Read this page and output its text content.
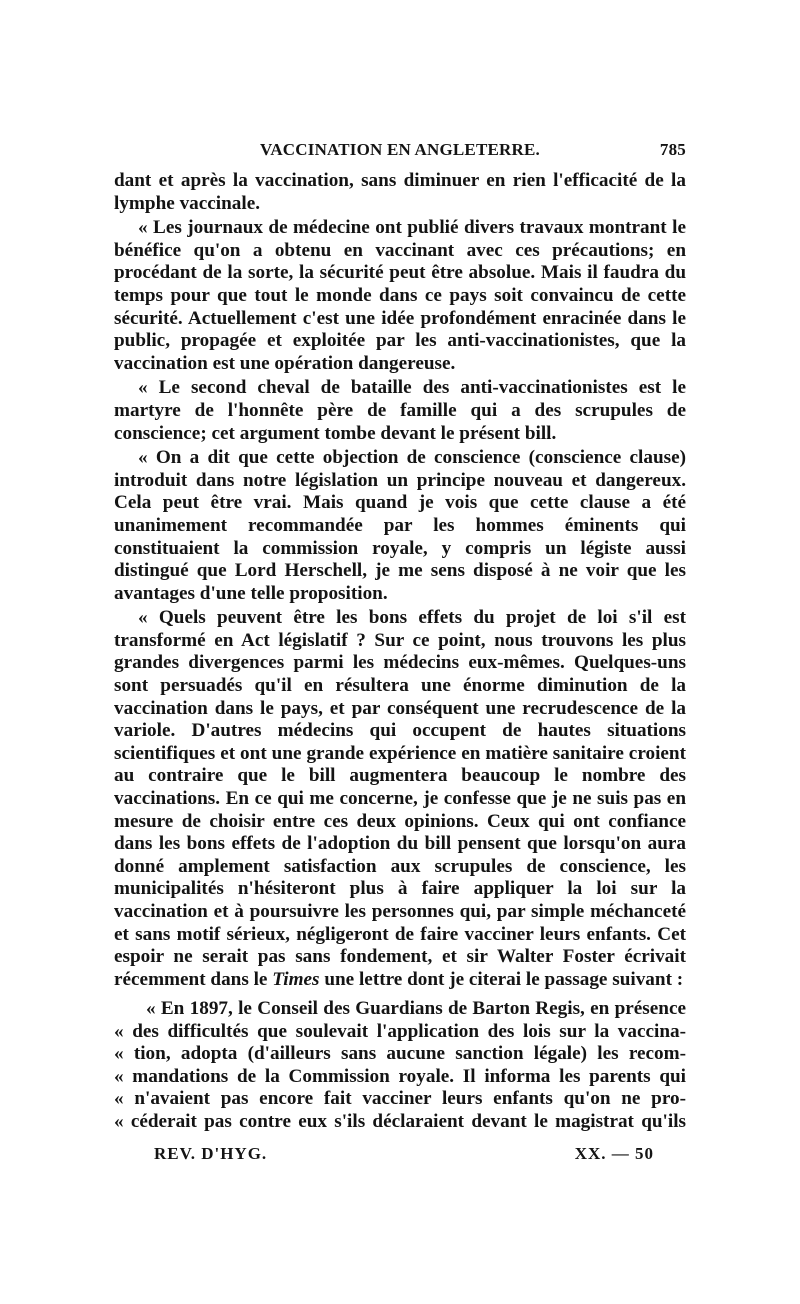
VACCINATION EN ANGLETERRE.	785

dant et après la vaccination, sans diminuer en rien l'efficacité de la lymphe vaccinale.

« Les journaux de médecine ont publié divers travaux montrant le bénéfice qu'on a obtenu en vaccinant avec ces précautions; en procédant de la sorte, la sécurité peut être absolue. Mais il faudra du temps pour que tout le monde dans ce pays soit convaincu de cette sécurité. Actuellement c'est une idée profondément enracinée dans le public, propagée et exploitée par les anti-vaccinationistes, que la vaccination est une opération dangereuse.

« Le second cheval de bataille des anti-vaccinationistes est le martyre de l'honnête père de famille qui a des scrupules de conscience; cet argument tombe devant le présent bill.

« On a dit que cette objection de conscience (conscience clause) introduit dans notre législation un principe nouveau et dangereux. Cela peut être vrai. Mais quand je vois que cette clause a été unanimement recommandée par les hommes éminents qui constituaient la commission royale, y compris un légiste aussi distingué que Lord Herschell, je me sens disposé à ne voir que les avantages d'une telle proposition.

« Quels peuvent être les bons effets du projet de loi s'il est transformé en Act législatif ? Sur ce point, nous trouvons les plus grandes divergences parmi les médecins eux-mêmes. Quelques-uns sont persuadés qu'il en résultera une énorme diminution de la vaccination dans le pays, et par conséquent une recrudescence de la variole. D'autres médecins qui occupent de hautes situations scientifiques et ont une grande expérience en matière sanitaire croient au contraire que le bill augmentera beaucoup le nombre des vaccinations. En ce qui me concerne, je confesse que je ne suis pas en mesure de choisir entre ces deux opinions. Ceux qui ont confiance dans les bons effets de l'adoption du bill pensent que lorsqu'on aura donné amplement satisfaction aux scrupules de conscience, les municipalités n'hésiteront plus à faire appliquer la loi sur la vaccination et à poursuivre les personnes qui, par simple méchanceté et sans motif sérieux, négligeront de faire vacciner leurs enfants. Cet espoir ne serait pas sans fondement, et sir Walter Foster écrivait récemment dans le Times une lettre dont je citerai le passage suivant :

« En 1897, le Conseil des Guardians de Barton Regis, en présence
« des difficultés que soulevait l'application des lois sur la vaccina-
« tion, adopta (d'ailleurs sans aucune sanction légale) les recom-
« mandations de la Commission royale. Il informa les parents qui
« n'avaient pas encore fait vacciner leurs enfants qu'on ne pro-
« céderait pas contre eux s'ils déclaraient devant le magistrat qu'ils
REV. D'HYG.	XX. — 50
